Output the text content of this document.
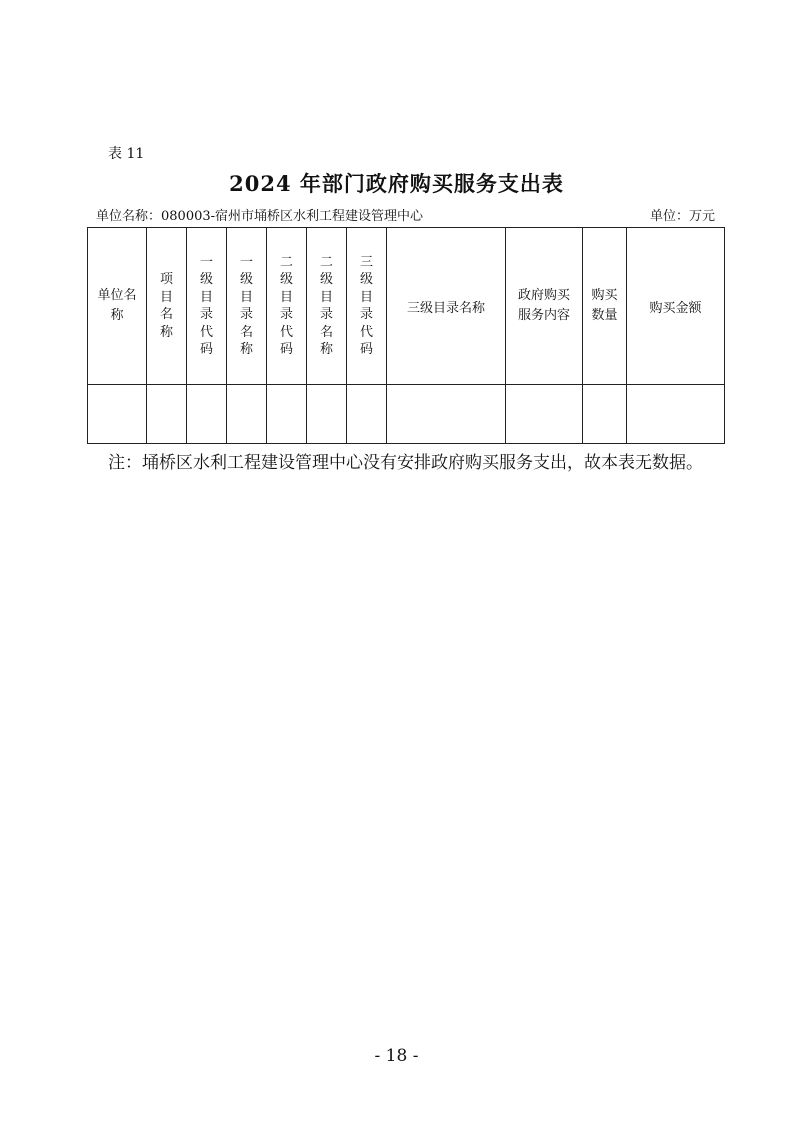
表 11
2024 年部门政府购买服务支出表
单位名称：080003-宿州市埇桥区水利工程建设管理中心	单位：万元
单位名称	项目名称	一级目录代码	一级目录名称	二级目录代码	二级目录名称	三级目录代码	三级目录名称	政府购买服务内容	购买数量	购买金额

注：埇桥区水利工程建设管理中心没有安排政府购买服务支出，故本表无数据。
- 18 -
